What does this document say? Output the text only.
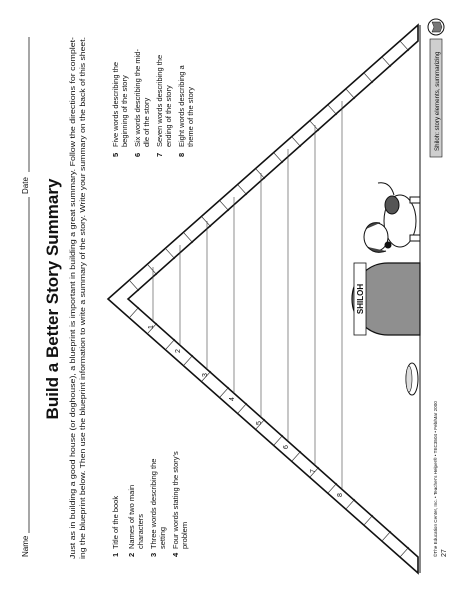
Name
Date Build a Better Story Summary Just as in building a good house (or doghouse), a blueprint is important in building a great summary. Follow the directions for complet- ing the blueprint below. Then use the blueprint information to write a summary of the story. Write your summary on the back of this sheet.	1
Title of the book
2
Names of two main characters
3
Three words describing the setting
4
Four words stating the story's problem
5
Five words describing the beginning of the story
6
Six words describing the mid- dle of the story
7
Seven words describing the ending of the story
8
Eight words describing a theme of the story
1
2
3
4
5
6
7
8
SHILOH
27
©The Education Center, Inc. • Teacher's Helper® • TEC3504 • Feb/Mar 2000
Shiloh: story elements, summarizing
